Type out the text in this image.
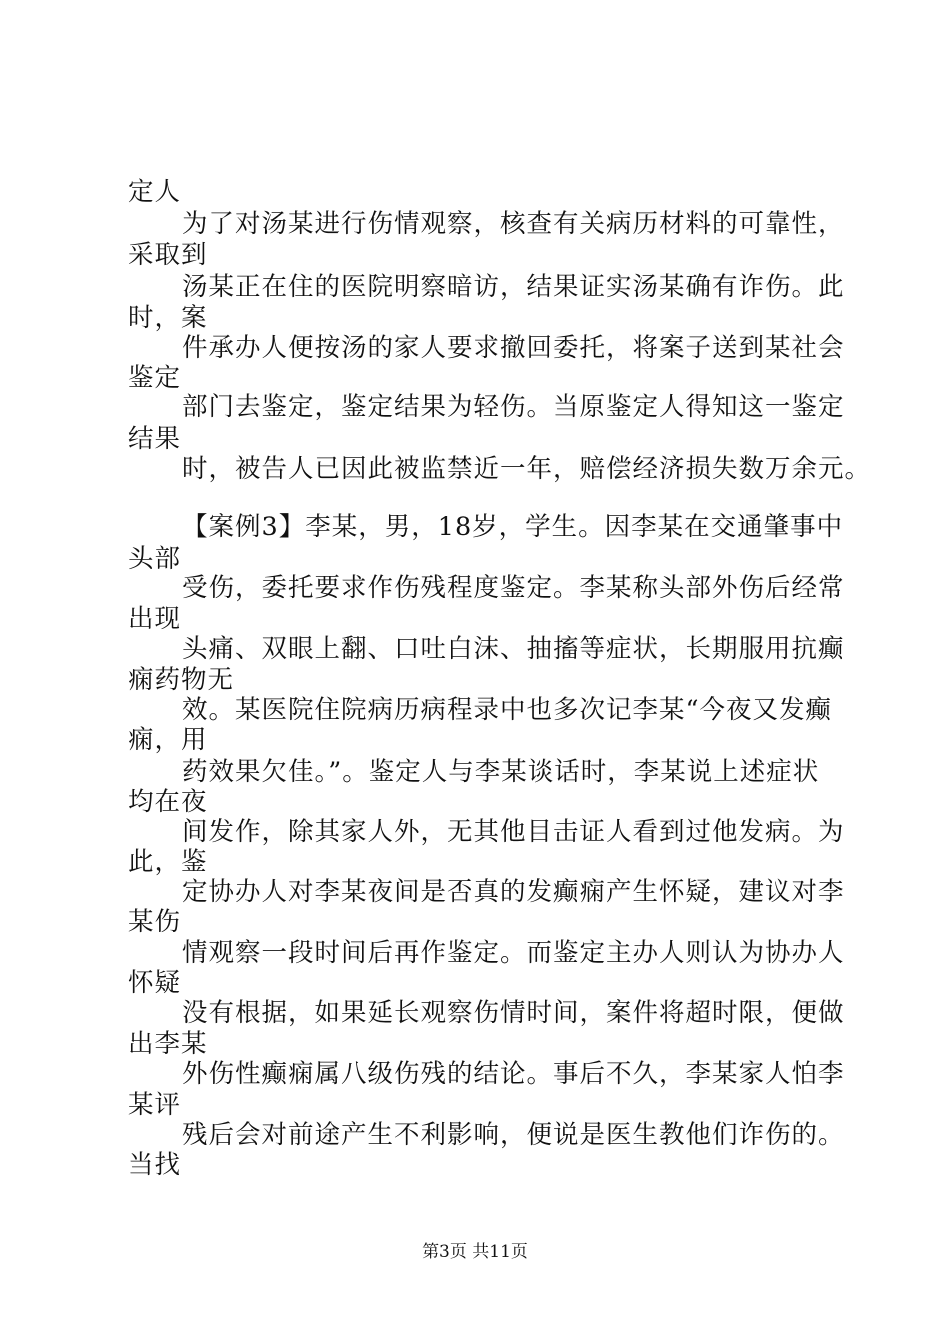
定人
为了对汤某进行伤情观察，核查有关病历材料的可靠性，
采取到
汤某正在住的医院明察暗访，结果证实汤某确有诈伤。此
时，案
件承办人便按汤的家人要求撤回委托，将案子送到某社会
鉴定
部门去鉴定，鉴定结果为轻伤。当原鉴定人得知这一鉴定
结果
时，被告人已因此被监禁近一年，赔偿经济损失数万余元。
【案例3】李某，男，18岁，学生。因李某在交通肇事中
头部
受伤，委托要求作伤残程度鉴定。李某称头部外伤后经常
出现
头痛、双眼上翻、口吐白沫、抽搐等症状，长期服用抗癫
痫药物无
效。某医院住院病历病程录中也多次记李某“今夜又发癫
痫，用
药效果欠佳。”。鉴定人与李某谈话时，李某说上述症状
均在夜
间发作，除其家人外，无其他目击证人看到过他发病。为
此，鉴
定协办人对李某夜间是否真的发癫痫产生怀疑，建议对李
某伤
情观察一段时间后再作鉴定。而鉴定主办人则认为协办人
怀疑
没有根据，如果延长观察伤情时间，案件将超时限，便做
出李某
外伤性癫痫属八级伤残的结论。事后不久，李某家人怕李
某评
残后会对前途产生不利影响，便说是医生教他们诈伤的。
当找
第3页 共11页
